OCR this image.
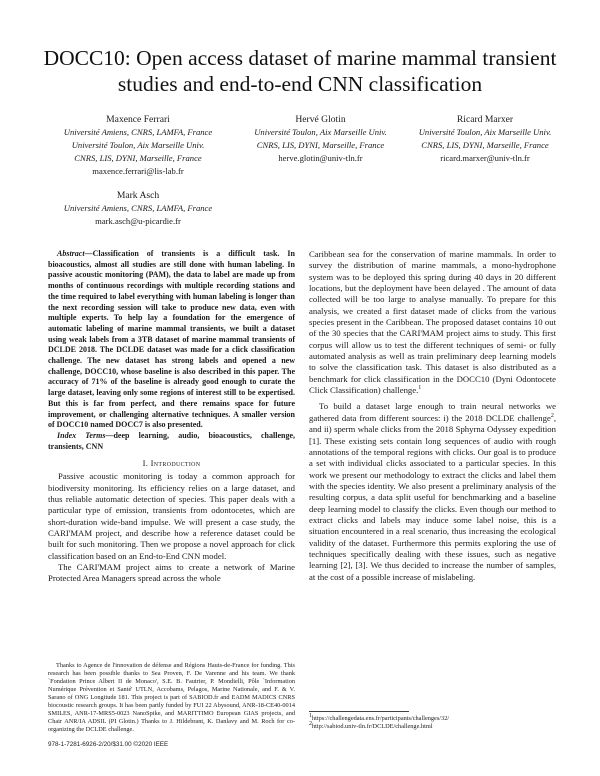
DOCC10: Open access dataset of marine mammal transient studies and end-to-end CNN classification
Maxence Ferrari
Université Amiens, CNRS, LAMFA, France
Université Toulon, Aix Marseille Univ.
CNRS, LIS, DYNI, Marseille, France
maxence.ferrari@lis-lab.fr
Hervé Glotin
Université Toulon, Aix Marseille Univ.
CNRS, LIS, DYNI, Marseille, France
herve.glotin@univ-tln.fr
Ricard Marxer
Université Toulon, Aix Marseille Univ.
CNRS, LIS, DYNI, Marseille, France
ricard.marxer@univ-tln.fr
Mark Asch
Université Amiens, CNRS, LAMFA, France
mark.asch@u-picardie.fr

Abstract—Classification of transients is a difficult task. In bioacoustics, almost all studies are still done with human labeling. In passive acoustic monitoring (PAM), the data to label are made up from months of continuous recordings with multiple recording stations and the time required to label everything with human labeling is longer than the next recording session will take to produce new data, even with multiple experts. To help lay a foundation for the emergence of automatic labeling of marine mammal transients, we built a dataset using weak labels from a 3TB dataset of marine mammal transients of DCLDE 2018. The DCLDE dataset was made for a click classification challenge. The new dataset has strong labels and opened a new challenge, DOCC10, whose baseline is also described in this paper. The accuracy of 71% of the baseline is already good enough to curate the large dataset, leaving only some regions of interest still to be expertised. But this is far from perfect, and there remains space for future improvement, or challenging alternative techniques. A smaller version of DOCC10 named DOCC7 is also presented.

Index Terms—deep learning, audio, bioacoustics, challenge, transients, CNN

I. Introduction

Passive acoustic monitoring is today a common approach for biodiversity monitoring. Its efficiency relies on a large dataset, and thus reliable automatic detection of species. This paper deals with a particular type of emission, transients from odontocetes, which are short-duration wide-band impulse. We will present a case study, the CARI'MAM project, and describe how a reference dataset could be built for such monitoring. Then we propose a novel approach for click classification based on an End-to-End CNN model.

The CARI'MAM project aims to create a network of Marine Protected Area Managers spread across the whole

Caribbean sea for the conservation of marine mammals. In order to survey the distribution of marine mammals, a mono-hydrophone system was to be deployed this spring during 40 days in 20 different locations, but the deployment have been delayed . The amount of data collected will be too large to analyse manually. To prepare for this analysis, we created a first dataset made of clicks from the various species present in the Caribbean. The proposed dataset contains 10 out of the 30 species that the CARI'MAM project aims to study. This first corpus will allow us to test the different techniques of semi- or fully automated analysis as well as train preliminary deep learning models to solve the classification task. This dataset is also distributed as a benchmark for click classification in the DOCC10 (Dyni Odontocete Click Classification) challenge.$^1$

To build a dataset large enough to train neural networks we gathered data from different sources: i) the 2018 DCLDE challenge$^2$, and ii) sperm whale clicks from the 2018 Sphyrna Odyssey expedition [1]. These existing sets contain long sequences of audio with rough annotations of the temporal regions with clicks. Our goal is to produce a set with individual clicks associated to a particular species. In this work we present our methodology to extract the clicks and label them with the species identity. We also present a preliminary analysis of the resulting corpus, a data split useful for benchmarking and a baseline deep learning model to classify the clicks. Even though our method to extract clicks and labels may induce some label noise, this is a situation encountered in a real scenario, thus increasing the ecological validity of the dataset. Furthermore this permits exploring the use of techniques specifically dealing with these issues, such as negative learning [2], [3]. We thus decided to increase the number of samples, at the cost of a possible increase of mislabeling.

Thanks to Agence de l'innovation de défense and Régions Hauts-de-France for funding. This research has been possible thanks to Sea Proven, F. De Varenne and his team. We thank `Fondation Prince Albert II de Monaco', S.E. B. Fautrier, P. Mondielli, Pôle `Information Numérique Prévention et Santé' UTLN, Accobams, Pelagos, Marine Nationale, and F. & V. Sarano of ONG Longitude 181. This project is part of SABIOD.fr and EADM MADICS CNRS biocoustic research groups. It has been partly funded by FUI 22 Abysound, ANR-18-CE40-0014 SMILES, ANR-17-MRS5-0023 NanoSpike, and MARITTIMO European GIAS projects, and Chair ANR/IA ADSIL (PI Glotin.) Thanks to J. Hildebrant, K. Danlavy and M. Roch for co-organizing the DCLDE challenge.

$^1$https://challengedata.ens.fr/participants/challenges/32/

$^2$http://sabiod.univ-tln.fr/DCLDE/challenge.html

978-1-7281-6926-2/20/$31.00 ©2020 IEEE
